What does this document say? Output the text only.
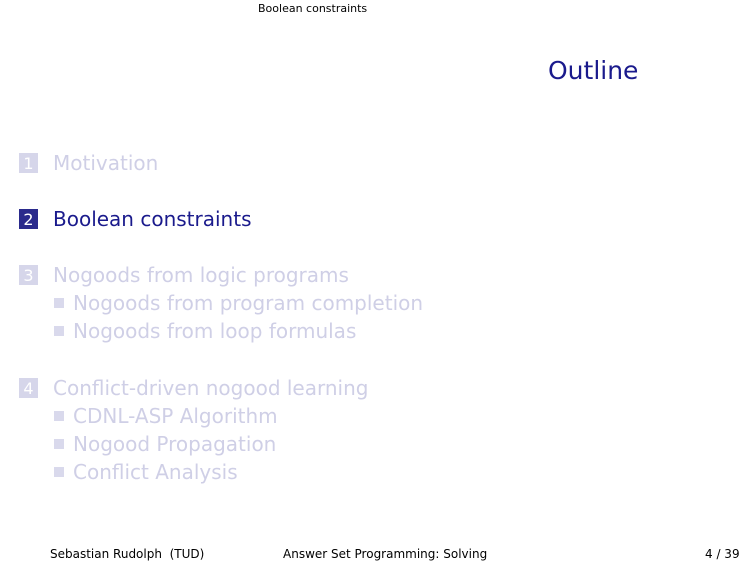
Boolean constraints
Outline
1 Motivation
2 Boolean constraints
3 Nogoods from logic programs
Nogoods from program completion
Nogoods from loop formulas
4 Conflict-driven nogood learning
CDNL-ASP Algorithm
Nogood Propagation
Conflict Analysis
Sebastian Rudolph (TUD)	Answer Set Programming: Solving	4 / 39
